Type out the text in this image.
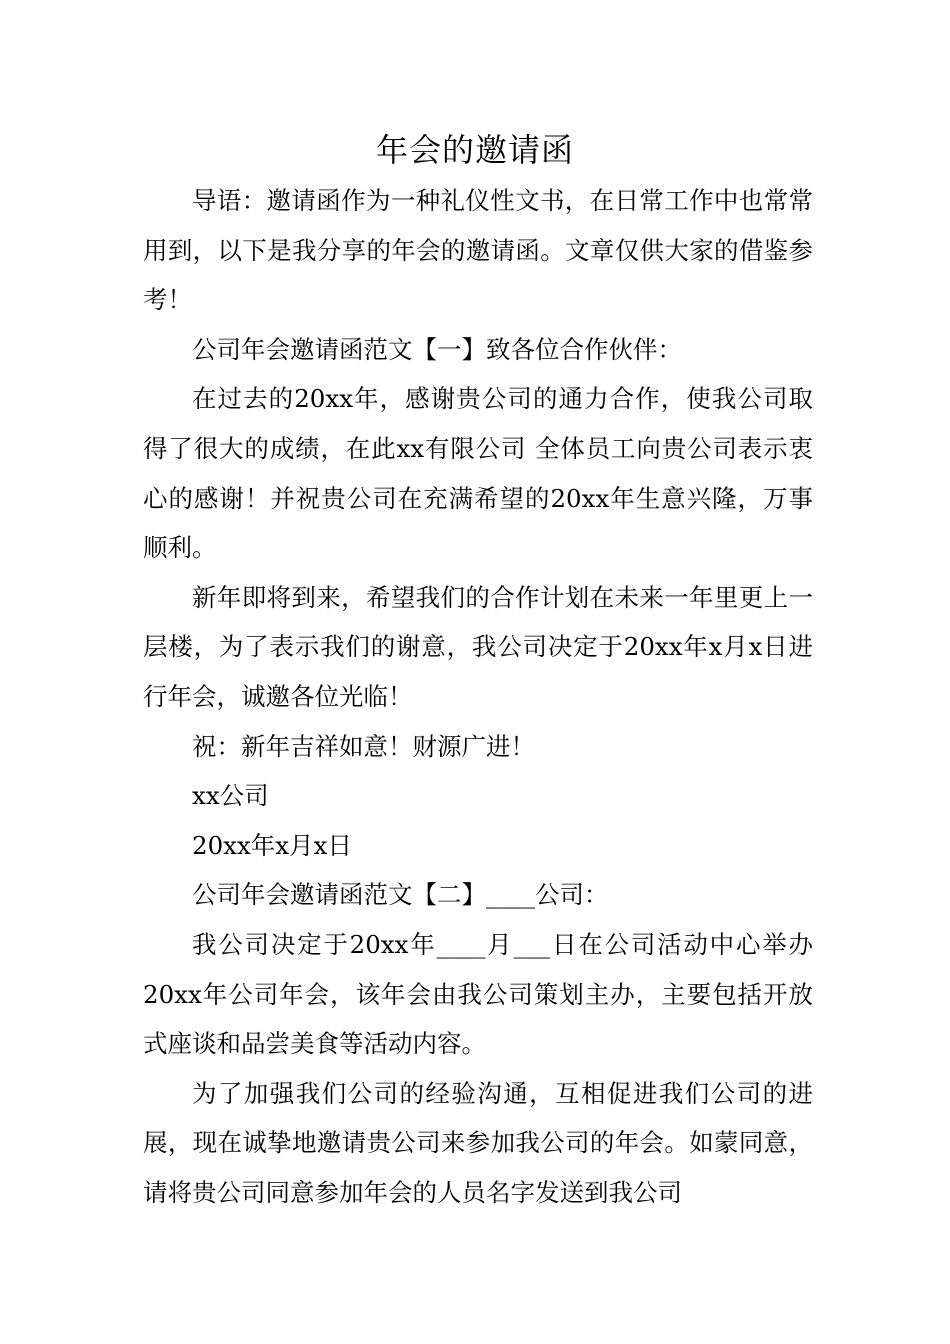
年会的邀请函

导语：邀请函作为一种礼仪性文书，在日常工作中也常常用到，以下是我分享的年会的邀请函。文章仅供大家的借鉴参考！

公司年会邀请函范文【一】致各位合作伙伴：

在过去的20xx年，感谢贵公司的通力合作，使我公司取得了很大的成绩，在此xx有限公司 全体员工向贵公司表示衷心的感谢！并祝贵公司在充满希望的20xx年生意兴隆，万事顺利。

新年即将到来，希望我们的合作计划在未来一年里更上一层楼，为了表示我们的谢意，我公司决定于20xx年x月x日进行年会，诚邀各位光临！

祝：新年吉祥如意！财源广进！

xx公司

20xx年x月x日

公司年会邀请函范文【二】____公司：

我公司决定于20xx年____月___日在公司活动中心举办20xx年公司年会，该年会由我公司策划主办，主要包括开放式座谈和品尝美食等活动内容。

为了加强我们公司的经验沟通，互相促进我们公司的进展，现在诚挚地邀请贵公司来参加我公司的年会。如蒙同意，请将贵公司同意参加年会的人员名字发送到我公司
